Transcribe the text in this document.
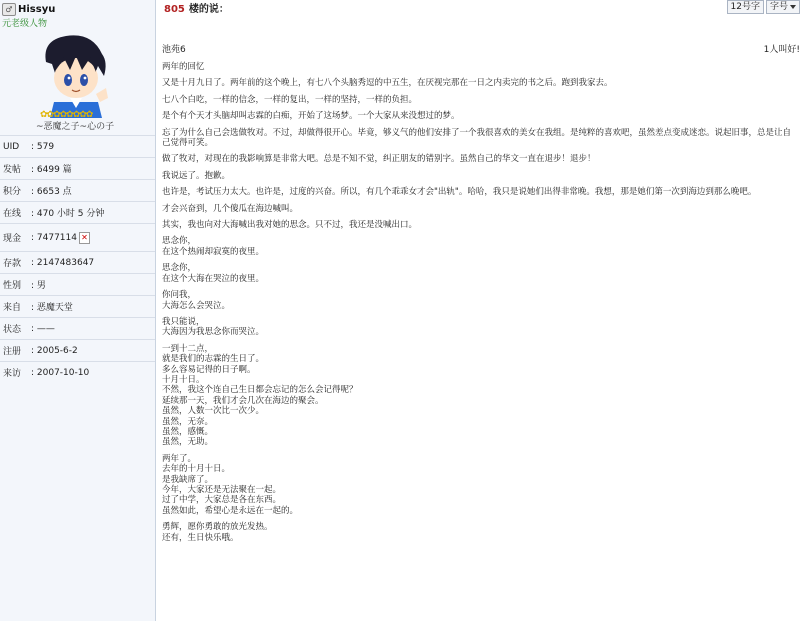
♂ Hissyu
元老级人物
✿✿✿✿✿✿✿✿
~恶魔之子~心の子
UID	: 579
发帖	: 6499 篇
积分	: 6653 点
在线	: 470 小时 5 分钟
现金	: 7477114 ✕
存款	: 2147483647
性别	: 男
来自	: 恶魔天堂
状态	: ——
注册	: 2005-6-2
来访	: 2007-10-10
805 楼的说：	12号字	字号
池苑6	1人叫好!

两年的回忆

又是十月九日了。两年前的这个晚上，有七八个头脑秀逗的中五生，在厌视完那在一日之内卖完的书之后。跑到我家去。

七八个白吃，一样的信念，一样的复出，一样的坚持，一样的负担。

是个有个天才头脑却叫志霖的白痴，开始了这场梦。一个大家从来没想过的梦。

忘了为什么自己会选做牧对。不过，却做得很开心。毕竟，够义气的他们安排了一个我很喜欢的美女在我组。是纯粹的喜欢吧，虽然差点变成迷恋。说起旧事，总是让自己觉得可笑。

做了牧对，对现在的我影响算是非常大吧。总是不知不觉，纠正朋友的错别字。虽然自己的华文一直在退步！退步！

我说远了。抱歉。

也许是，考试压力太大。也许是，过度的兴奋。所以，有几个乖乖女才会"出轨"。哈哈，我只是说她们出得非常晚。我想，那是她们第一次到海边到那么晚吧。

才会兴奋到，几个傻瓜在海边喊叫。

其实，我也向对大海喊出我对她的思念。只不过，我还是没喊出口。

思念你，
在这个热闹却寂寞的夜里。

思念你，
在这个大海在哭泣的夜里。

你问我，
大海怎么会哭泣。

我只能说，
大海因为我思念你而哭泣。

一到十二点，
就是我们的志霖的生日了。
多么容易记得的日子啊。
十月十日。
不然，我这个连自己生日都会忘记的怎么会记得呢？
延续那一天，我们才会几次在海边的聚会。
虽然，人数一次比一次少。
虽然，无奈。
虽然，感慨。
虽然，无助。

两年了。
去年的十月十日。
是我缺席了。
今年，大家还是无法聚在一起。
过了中学，大家总是各在东西。
虽然如此，希望心是永远在一起的。

勇辉，愿你勇敢的放光发热。
还有，生日快乐哦。
